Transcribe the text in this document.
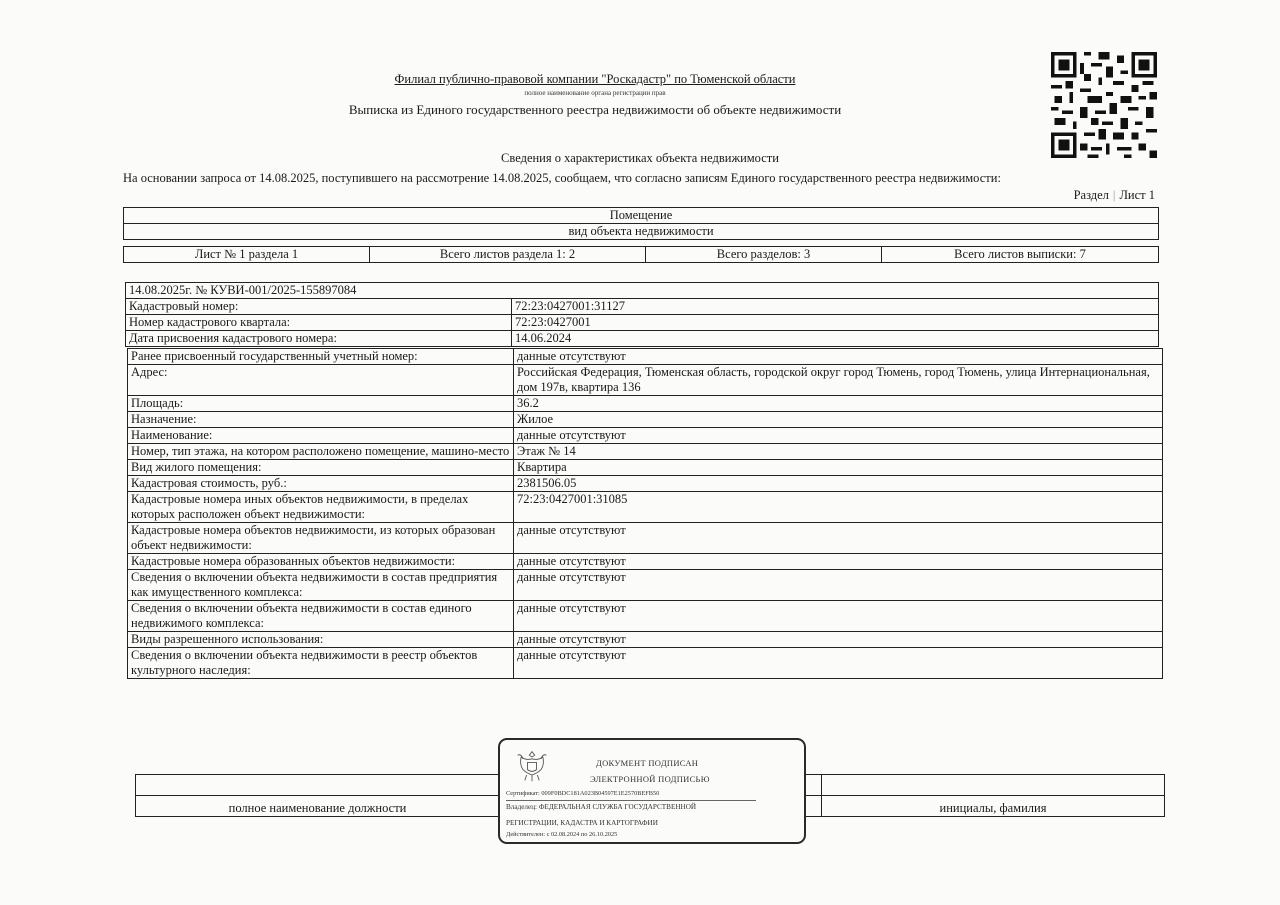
Филиал публично-правовой компании "Роскадастр" по Тюменской области
полное наименование органа регистрации прав
Выписка из Единого государственного реестра недвижимости об объекте недвижимости
Сведения о характеристиках объекта недвижимости
На основании запроса от 14.08.2025, поступившего на рассмотрение 14.08.2025, сообщаем, что согласно записям Единого государственного реестра недвижимости:
Раздел | Лист 1
Помещение
вид объекта недвижимости
Лист № 1 раздела 1	Всего листов раздела 1: 2	Всего разделов: 3	Всего листов выписки: 7
14.08.2025г. № КУВИ-001/2025-155897084	
Кадастровый номер:	72:23:0427001:31127
Номер кадастрового квартала:	72:23:0427001
Дата присвоения кадастрового номера:	14.06.2024
Ранее присвоенный государственный учетный номер:	данные отсутствуют
Адрес:	Российская Федерация, Тюменская область, городской округ город Тюмень, город Тюмень, улица Интернациональная, дом 197в, квартира 136
Площадь:	36.2
Назначение:	Жилое
Наименование:	данные отсутствуют
Номер, тип этажа, на котором расположено помещение, машино-место	Этаж № 14
Вид жилого помещения:	Квартира
Кадастровая стоимость, руб.:	2381506.05
Кадастровые номера иных объектов недвижимости, в пределах которых расположен объект недвижимости:	72:23:0427001:31085
Кадастровые номера объектов недвижимости, из которых образован объект недвижимости:	данные отсутствуют
Кадастровые номера образованных объектов недвижимости:	данные отсутствуют
Сведения о включении объекта недвижимости в состав предприятия как имущественного комплекса:	данные отсутствуют
Сведения о включении объекта недвижимости в состав единого недвижимого комплекса:	данные отсутствуют
Виды разрешенного использования:	данные отсутствуют
Сведения о включении объекта недвижимости в реестр объектов культурного наследия:	данные отсутствуют

полное наименование должности		инициалы, фамилия
ДОКУМЕНТ ПОДПИСАН
ЭЛЕКТРОННОЙ ПОДПИСЬЮ
Сертификат: 009F0BDC181A023B04597E1E2570BEFB50
Владелец: ФЕДЕРАЛЬНАЯ СЛУЖБА ГОСУДАРСТВЕННОЙ
РЕГИСТРАЦИИ, КАДАСТРА И КАРТОГРАФИИ
Действителен: с 02.08.2024 по 26.10.2025
